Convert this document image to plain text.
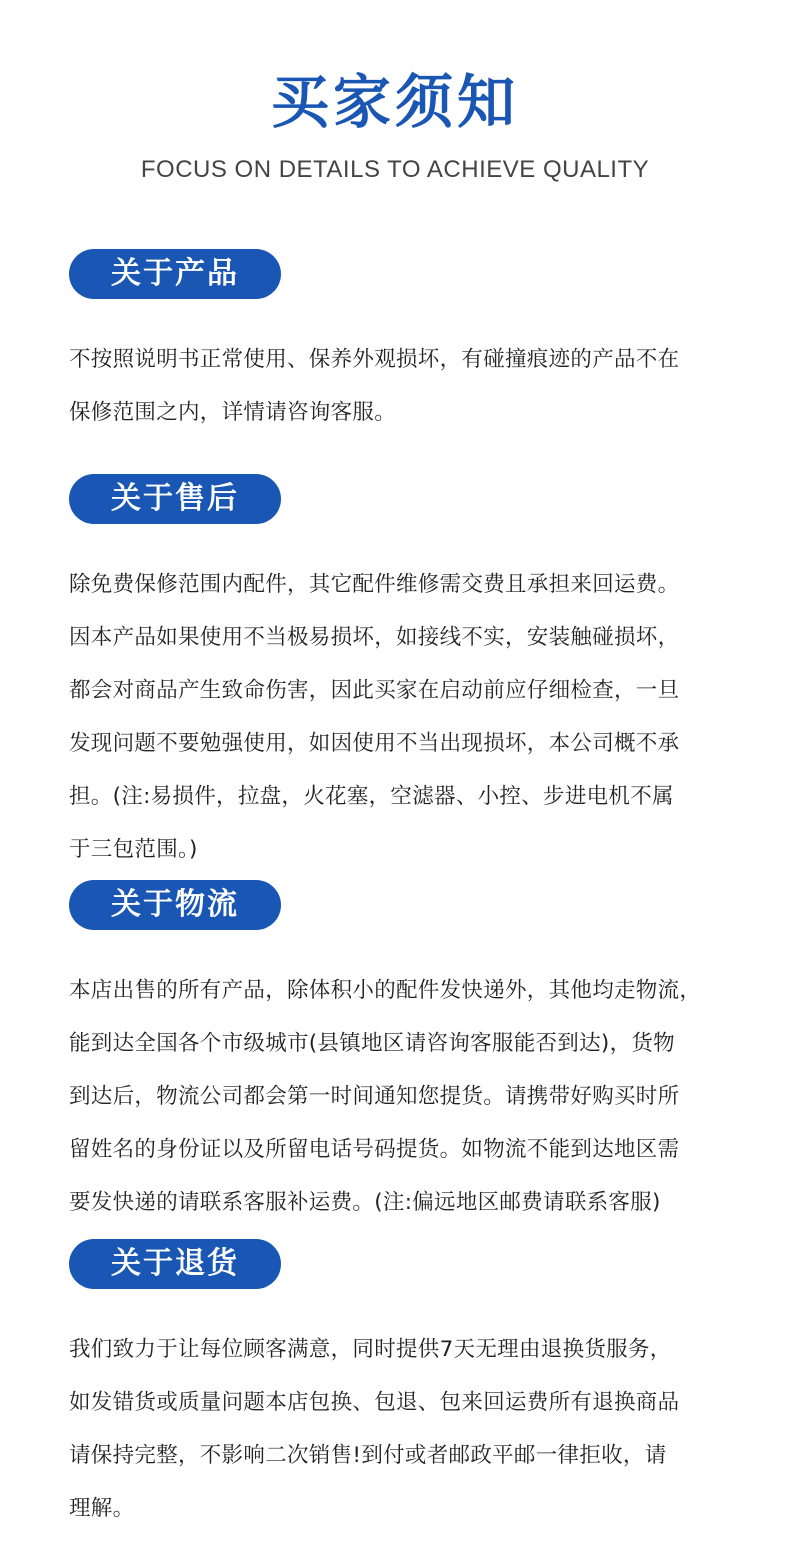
买家须知
FOCUS ON DETAILS TO ACHIEVE QUALITY
关于产品
不按照说明书正常使用、保养外观损坏，有碰撞痕迹的产品不在
保修范围之内，详情请咨询客服。
关于售后
除免费保修范围内配件，其它配件维修需交费且承担来回运费。
因本产品如果使用不当极易损坏，如接线不实，安装触碰损坏，
都会对商品产生致命伤害，因此买家在启动前应仔细检查，一旦
发现问题不要勉强使用，如因使用不当出现损坏，本公司概不承
担。(注:易损件，拉盘，火花塞，空滤器、小控、步进电机不属
于三包范围。)
关于物流
本店出售的所有产品，除体积小的配件发快递外，其他均走物流，
能到达全国各个市级城市(县镇地区请咨询客服能否到达)，货物
到达后，物流公司都会第一时间通知您提货。请携带好购买时所
留姓名的身份证以及所留电话号码提货。如物流不能到达地区需
要发快递的请联系客服补运费。(注:偏远地区邮费请联系客服)
关于退货
我们致力于让每位顾客满意，同时提供7天无理由退换货服务，
如发错货或质量问题本店包换、包退、包来回运费所有退换商品
请保持完整，不影响二次销售!到付或者邮政平邮一律拒收，请
理解。
